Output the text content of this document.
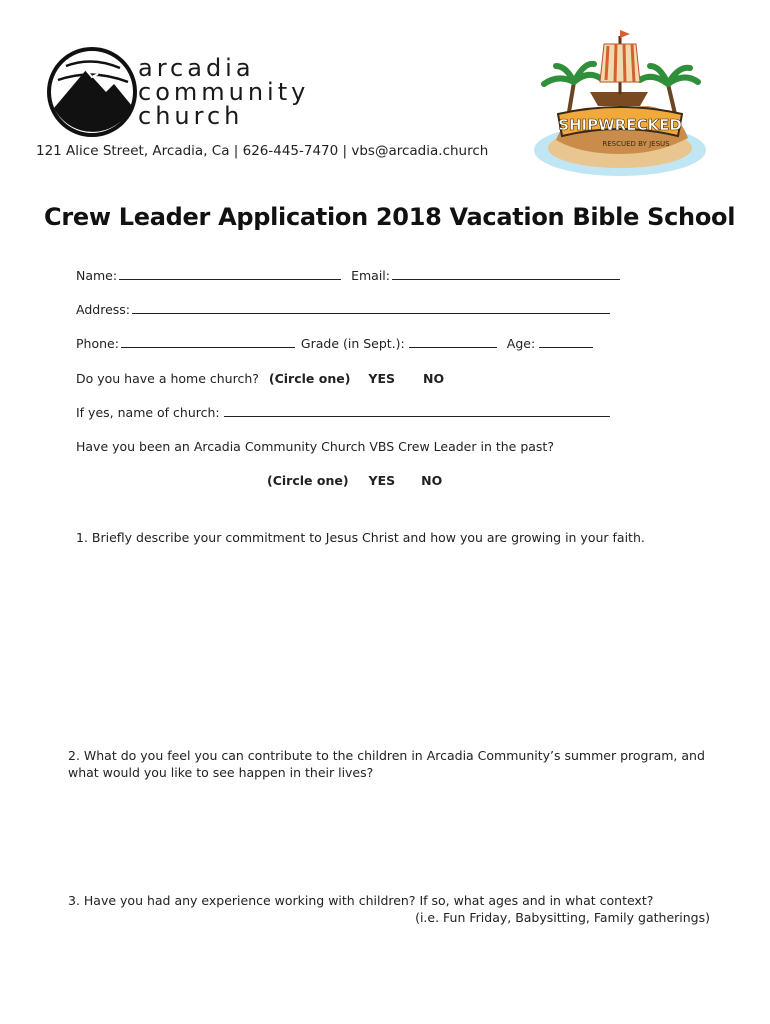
arcadia
community
church
121 Alice Street, Arcadia, Ca | 626-445-7470 | vbs@arcadia.church
SHIPWRECKED
RESCUED BY JESUS
Crew Leader Application 2018 Vacation Bible School
Name:	Email:
Address:
Phone:	Grade (in Sept.):	Age:
Do you have a home church? (Circle one) YES NO
If yes, name of church:
Have you been an Arcadia Community Church VBS Crew Leader in the past?
(Circle one) YES NO
1. Briefly describe your commitment to Jesus Christ and how you are growing in your faith.
2. What do you feel you can contribute to the children in Arcadia Community’s summer program, and
what would you like to see happen in their lives?
3. Have you had any experience working with children? If so, what ages and in what context?
(i.e. Fun Friday, Babysitting, Family gatherings)
